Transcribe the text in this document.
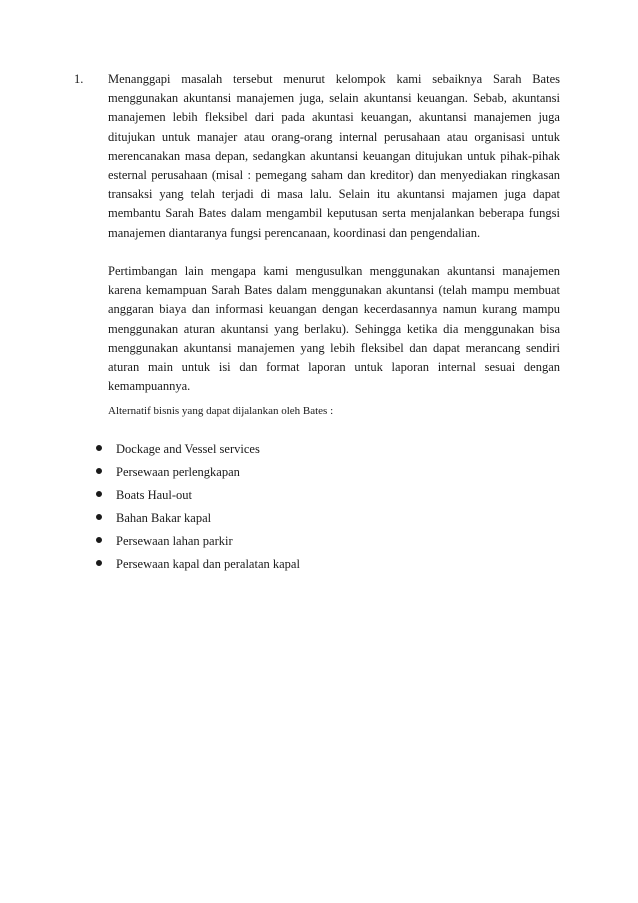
1. Menanggapi masalah tersebut menurut kelompok kami sebaiknya Sarah Bates menggunakan akuntansi manajemen juga, selain akuntansi keuangan. Sebab, akuntansi manajemen lebih fleksibel dari pada akuntasi keuangan, akuntansi manajemen juga ditujukan untuk manajer atau orang-orang internal perusahaan atau organisasi untuk merencanakan masa depan, sedangkan akuntansi keuangan ditujukan untuk pihak-pihak esternal perusahaan (misal : pemegang saham dan kreditor) dan menyediakan ringkasan transaksi yang telah terjadi di masa lalu. Selain itu akuntansi majamen juga dapat membantu Sarah Bates dalam mengambil keputusan serta menjalankan beberapa fungsi manajemen diantaranya fungsi perencanaan, koordinasi dan pengendalian.

Pertimbangan lain mengapa kami mengusulkan menggunakan akuntansi manajemen karena kemampuan Sarah Bates dalam menggunakan akuntansi (telah mampu membuat anggaran biaya dan informasi keuangan dengan kecerdasannya namun kurang mampu menggunakan aturan akuntansi yang berlaku). Sehingga ketika dia menggunakan bisa menggunakan akuntansi manajemen yang lebih fleksibel dan dapat merancang sendiri aturan main untuk isi dan format laporan untuk laporan internal sesuai dengan kemampuannya.

Alternatif bisnis yang dapat dijalankan oleh Bates :

Dockage and Vessel services
Persewaan perlengkapan
Boats Haul-out
Bahan Bakar kapal
Persewaan lahan parkir
Persewaan kapal dan peralatan kapal
